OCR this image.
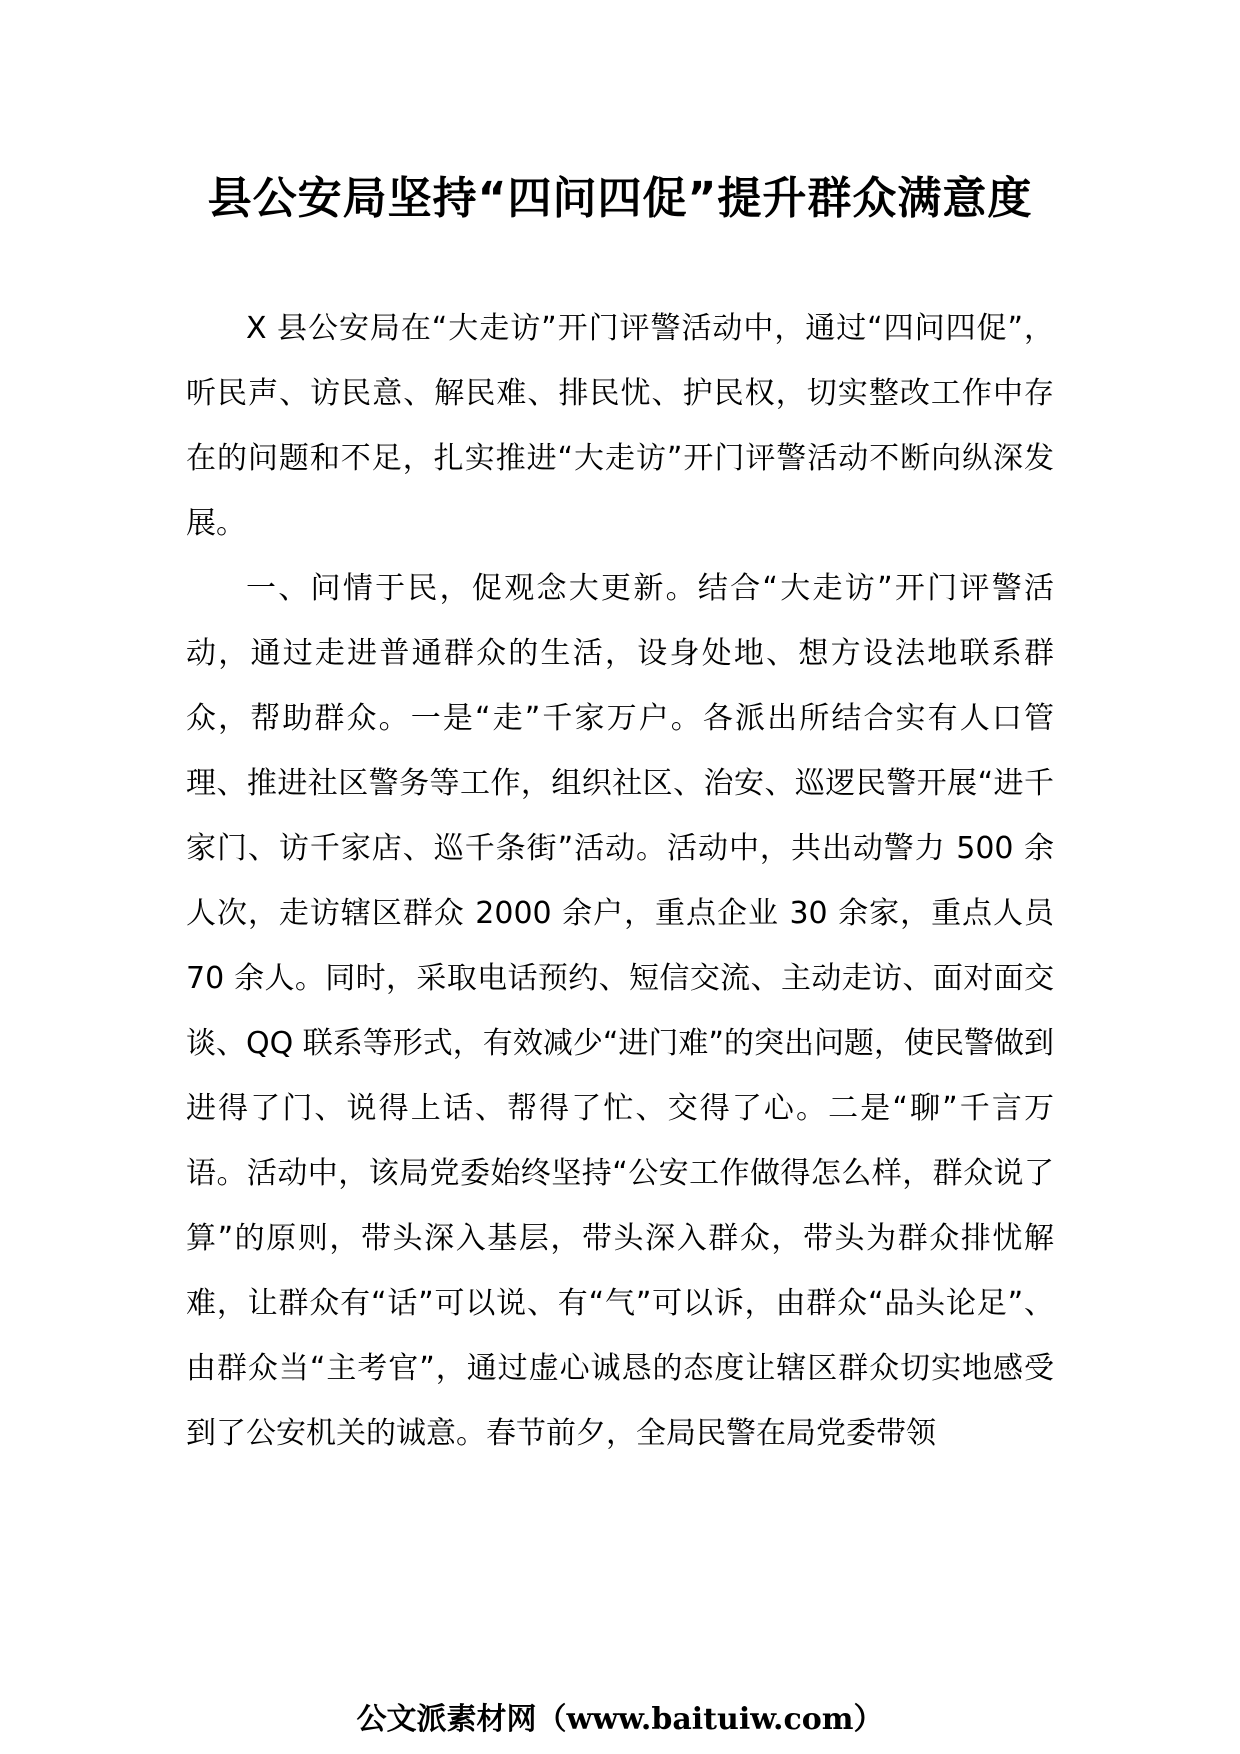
县公安局坚持“四问四促”提升群众满意度

X 县公安局在“大走访”开门评警活动中，通过“四问四促”，听民声、访民意、解民难、排民忧、护民权，切实整改工作中存在的问题和不足，扎实推进“大走访”开门评警活动不断向纵深发展。

一、问情于民，促观念大更新。结合“大走访”开门评警活动，通过走进普通群众的生活，设身处地、想方设法地联系群众，帮助群众。一是“走”千家万户。各派出所结合实有人口管理、推进社区警务等工作，组织社区、治安、巡逻民警开展“进千家门、访千家店、巡千条街”活动。活动中，共出动警力 500 余人次，走访辖区群众 2000 余户，重点企业 30 余家，重点人员 70 余人。同时，采取电话预约、短信交流、主动走访、面对面交谈、QQ 联系等形式，有效减少“进门难”的突出问题，使民警做到进得了门、说得上话、帮得了忙、交得了心。二是“聊”千言万语。活动中，该局党委始终坚持“公安工作做得怎么样，群众说了算”的原则，带头深入基层，带头深入群众，带头为群众排忧解难，让群众有“话”可以说、有“气”可以诉，由群众“品头论足”、由群众当“主考官”，通过虚心诚恳的态度让辖区群众切实地感受到了公安机关的诚意。春节前夕，全局民警在局党委带领

公文派素材网（www.baituiw.com）
